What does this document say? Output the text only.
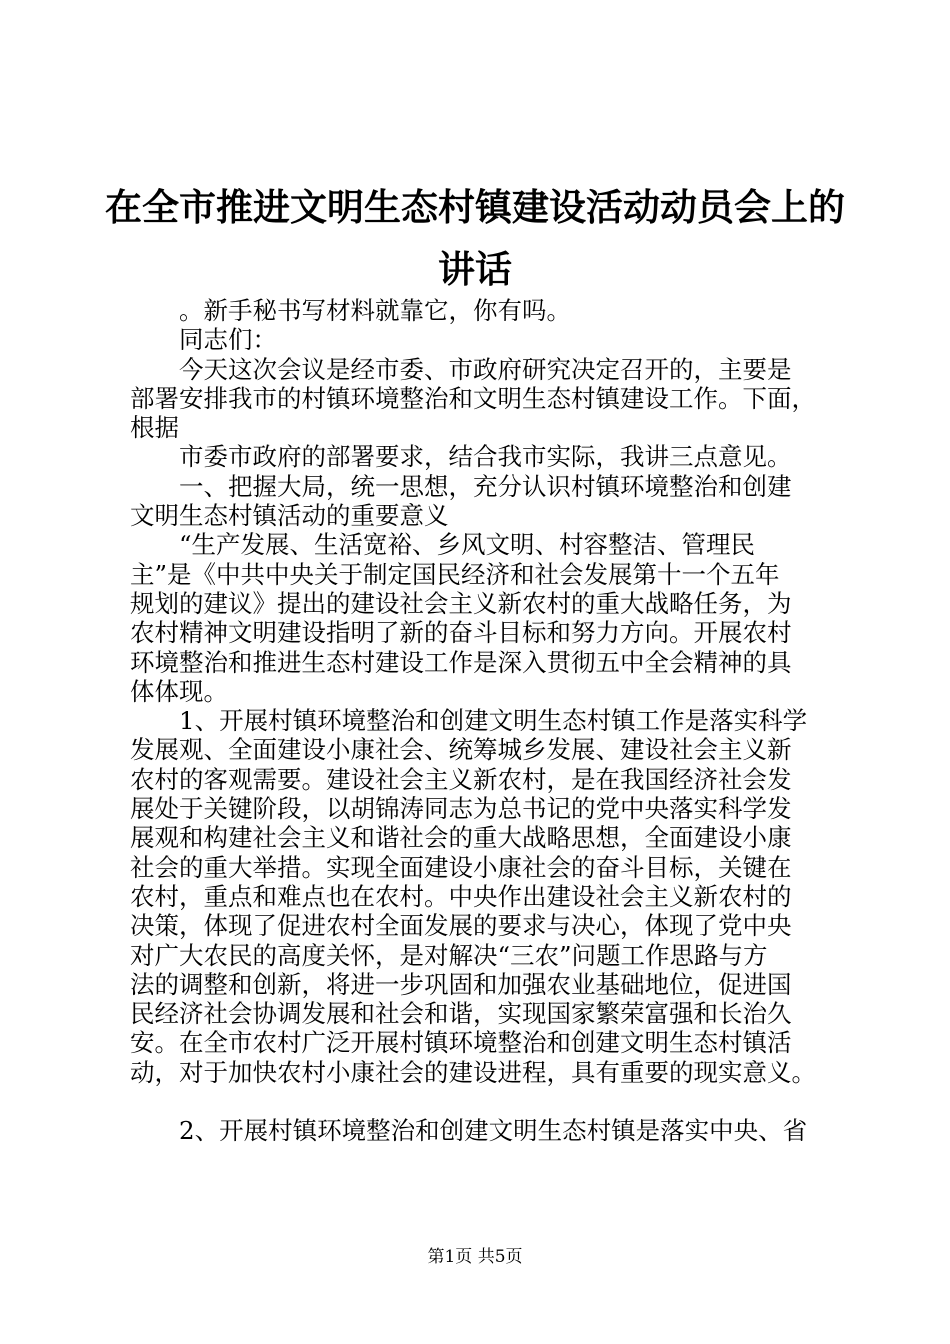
在全市推进文明生态村镇建设活动动员会上的
讲话

。新手秘书写材料就靠它，你有吗。

同志们：

今天这次会议是经市委、市政府研究决定召开的，主要是

部署安排我市的村镇环境整治和文明生态村镇建设工作。下面，

根据

市委市政府的部署要求，结合我市实际，我讲三点意见。

一、把握大局，统一思想，充分认识村镇环境整治和创建

文明生态村镇活动的重要意义

“生产发展、生活宽裕、乡风文明、村容整洁、管理民

主”是《中共中央关于制定国民经济和社会发展第十一个五年

规划的建议》提出的建设社会主义新农村的重大战略任务，为

农村精神文明建设指明了新的奋斗目标和努力方向。开展农村

环境整治和推进生态村建设工作是深入贯彻五中全会精神的具

体体现。

1、开展村镇环境整治和创建文明生态村镇工作是落实科学

发展观、全面建设小康社会、统筹城乡发展、建设社会主义新

农村的客观需要。建设社会主义新农村，是在我国经济社会发

展处于关键阶段，以胡锦涛同志为总书记的党中央落实科学发

展观和构建社会主义和谐社会的重大战略思想，全面建设小康

社会的重大举措。实现全面建设小康社会的奋斗目标，关键在

农村，重点和难点也在农村。中央作出建设社会主义新农村的

决策，体现了促进农村全面发展的要求与决心，体现了党中央

对广大农民的高度关怀，是对解决“三农”问题工作思路与方

法的调整和创新，将进一步巩固和加强农业基础地位，促进国

民经济社会协调发展和社会和谐，实现国家繁荣富强和长治久

安。在全市农村广泛开展村镇环境整治和创建文明生态村镇活

动，对于加快农村小康社会的建设进程，具有重要的现实意义。

2、开展村镇环境整治和创建文明生态村镇是落实中央、省

第1页 共5页
